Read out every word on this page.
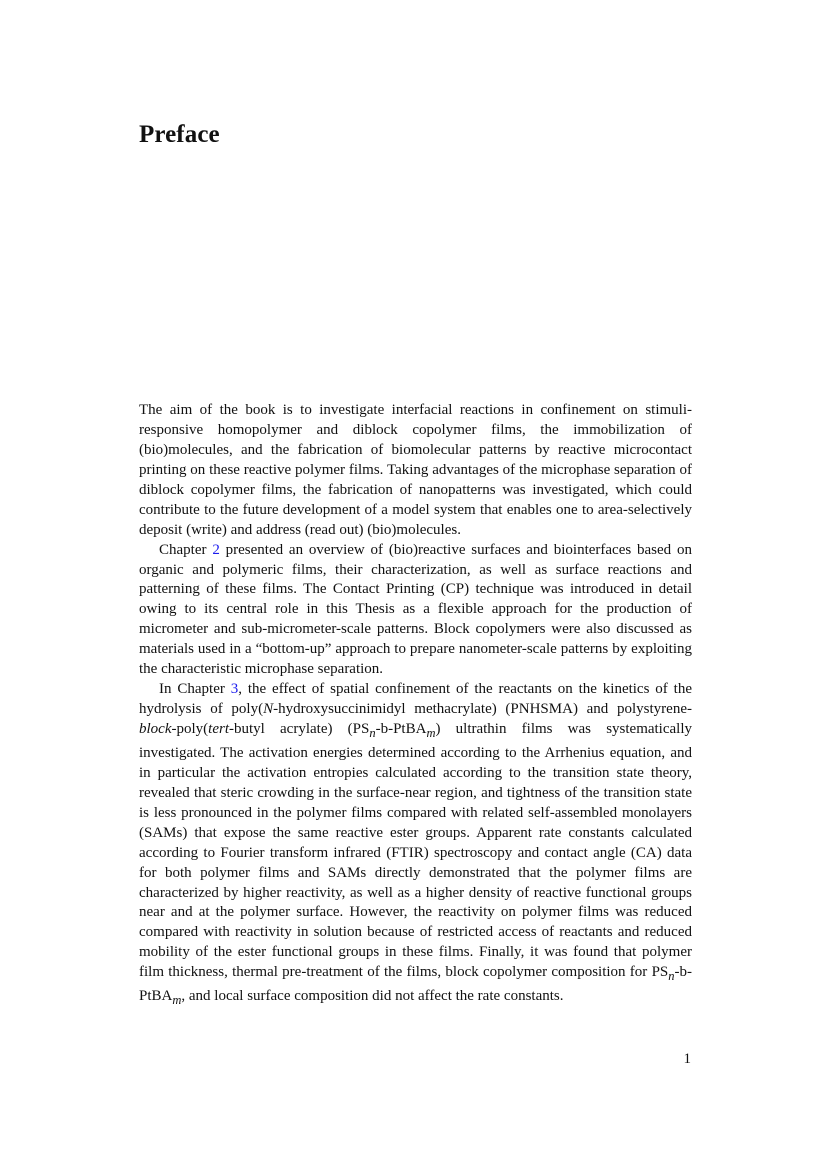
Preface

The aim of the book is to investigate interfacial reactions in confinement on stimuli-responsive homopolymer and diblock copolymer films, the immobilization of (bio)molecules, and the fabrication of biomolecular patterns by reactive microcontact printing on these reactive polymer films. Taking advantages of the microphase separation of diblock copolymer films, the fabrication of nanopatterns was investigated, which could contribute to the future development of a model system that enables one to area-selectively deposit (write) and address (read out) (bio)molecules.

Chapter 2 presented an overview of (bio)reactive surfaces and biointerfaces based on organic and polymeric films, their characterization, as well as surface reactions and patterning of these films. The Contact Printing (CP) technique was introduced in detail owing to its central role in this Thesis as a flexible approach for the production of micrometer and sub-micrometer-scale patterns. Block copolymers were also discussed as materials used in a “bottom-up” approach to prepare nanometer-scale patterns by exploiting the characteristic microphase separation.

In Chapter 3, the effect of spatial confinement of the reactants on the kinetics of the hydrolysis of poly(N-hydroxysuccinimidyl methacrylate) (PNHSMA) and polystyrene-block-poly(tert-butyl acrylate) $(PS_n-b-PtBA_m)$ ultrathin films was systematically investigated. The activation energies determined according to the Arrhenius equation, and in particular the activation entropies calculated according to the transition state theory, revealed that steric crowding in the surface-near region, and tightness of the transition state is less pronounced in the polymer films compared with related self-assembled monolayers (SAMs) that expose the same reactive ester groups. Apparent rate constants calculated according to Fourier transform infrared (FTIR) spectroscopy and contact angle (CA) data for both polymer films and SAMs directly demonstrated that the polymer films are characterized by higher reactivity, as well as a higher density of reactive functional groups near and at the polymer surface. However, the reactivity on polymer films was reduced compared with reactivity in solution because of restricted access of reactants and reduced mobility of the ester functional groups in these films. Finally, it was found that polymer film thickness, thermal pre-treatment of the films, block copolymer composition for $PS_n-b-PtBA_m$, and local surface composition did not affect the rate constants.

1
